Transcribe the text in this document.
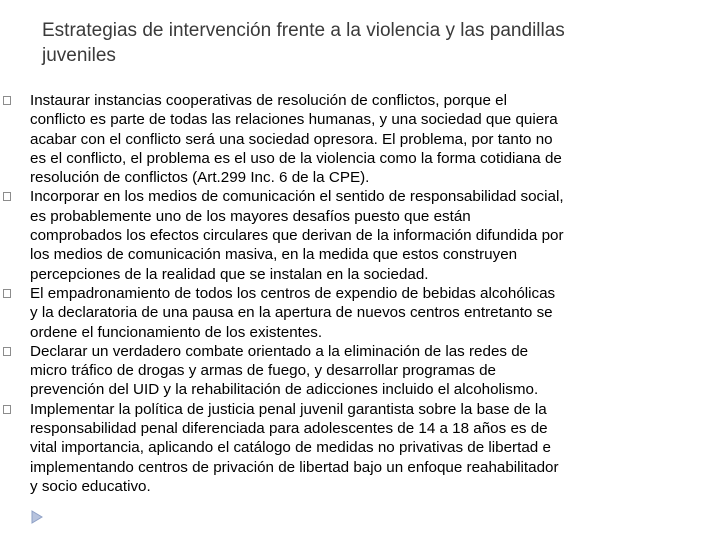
Estrategias de intervención frente a la violencia y las pandillas
juveniles
Instaurar instancias cooperativas de resolución de conflictos, porque el
conflicto es parte de todas las relaciones humanas, y una sociedad que quiera
acabar con el conflicto será una sociedad opresora. El problema, por tanto no
es el conflicto, el problema es el uso de la violencia como la forma cotidiana de
resolución de conflictos (Art.299 Inc. 6 de la CPE).
Incorporar en los medios de comunicación el sentido de responsabilidad social,
es probablemente uno de los mayores desafíos puesto que están
comprobados los efectos circulares que derivan de la información difundida por
los medios de comunicación masiva, en la medida que estos construyen
percepciones de la realidad que se instalan en la sociedad.
El empadronamiento de todos los centros de expendio de bebidas alcohólicas
y la declaratoria de una pausa en la apertura de nuevos centros entretanto se
ordene el funcionamiento de los existentes.
Declarar un verdadero combate orientado a la eliminación de las redes de
micro tráfico de drogas y armas de fuego, y desarrollar programas de
prevención del UID y la rehabilitación de adicciones incluido el alcoholismo.
Implementar la política de justicia penal juvenil garantista sobre la base de la
responsabilidad penal diferenciada para adolescentes de 14 a 18 años es de
vital importancia, aplicando el catálogo de medidas no privativas de libertad e
implementando centros de privación de libertad bajo un enfoque reahabilitador
y socio educativo.
